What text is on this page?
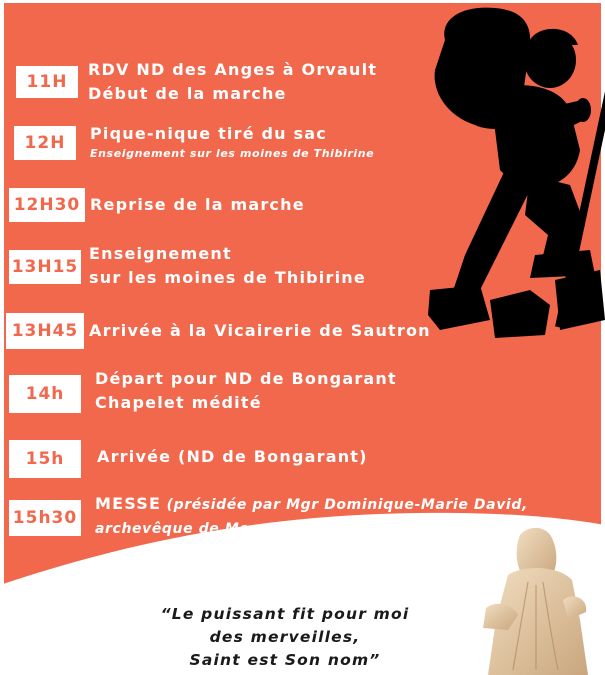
11H
RDV ND des Anges à Orvault
Début de la marche
12H	Pique-nique tiré du sac
Enseignement sur les moines de Thibirine
12H30 Reprise de la marche
13H15
Enseignement
sur les moines de Thibirine
13H45 Arrivée à la Vicairerie de Sautron
14h
Départ pour ND de Bongarant
Chapelet médité
15h	Arrivée (ND de Bongarant)
15h30
MESSE (présidée par Mgr Dominique-Marie David,
archevêque de Monaco)
“Le puissant fit pour moi
des merveilles,
Saint est Son nom”
